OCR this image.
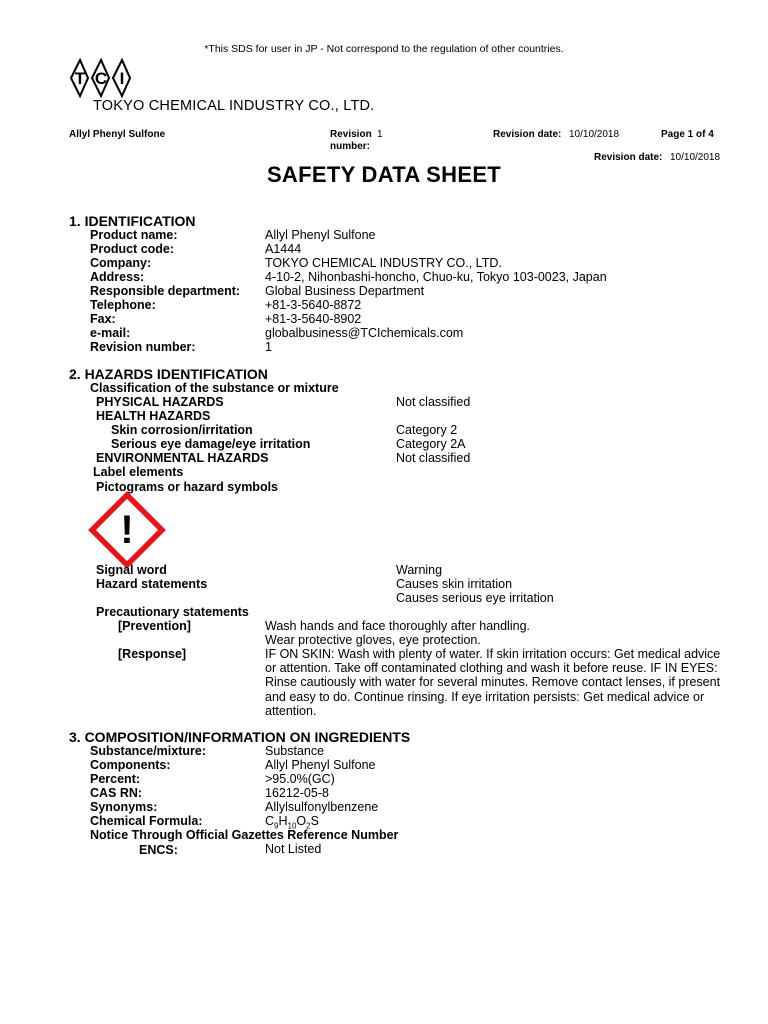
*This SDS for user in JP - Not correspond to the regulation of other countries.
T C I
TOKYO CHEMICAL INDUSTRY CO., LTD.
Allyl Phenyl Sulfone	Revision 1
number:
Revision date: 10/10/2018	Page 1 of 4
Revision date: 10/10/2018
SAFETY DATA SHEET
1. IDENTIFICATION
Product name:	Allyl Phenyl Sulfone
Product code:	A1444
Company:	TOKYO CHEMICAL INDUSTRY CO., LTD.
Address:	4-10-2, Nihonbashi-honcho, Chuo-ku, Tokyo 103-0023, Japan
Responsible department: Global Business Department
Telephone:	+81-3-5640-8872
Fax:	+81-3-5640-8902
e-mail:	globalbusiness@TCIchemicals.com
Revision number:	1
2. HAZARDS IDENTIFICATION
Classification of the substance or mixture
PHYSICAL HAZARDS	Not classified
HEALTH HAZARDS
Skin corrosion/irritation	Category 2
Serious eye damage/eye irritation	Category 2A
ENVIRONMENTAL HAZARDS	Not classified
Label elements
Pictograms or hazard symbols
!
Signal word	Warning
Hazard statements	Causes skin irritation
Causes serious eye irritation
Precautionary statements
[Prevention]	Wash hands and face thoroughly after handling.
Wear protective gloves, eye protection.
[Response]	IF ON SKIN: Wash with plenty of water. If skin irritation occurs: Get medical advice or attention. Take off contaminated clothing and wash it before reuse. IF IN EYES: Rinse cautiously with water for several minutes. Remove contact lenses, if present and easy to do. Continue rinsing. If eye irritation persists: Get medical advice or attention.
3. COMPOSITION/INFORMATION ON INGREDIENTS
Substance/mixture:	Substance
Components:	Allyl Phenyl Sulfone
Percent:	>95.0%(GC)
CAS RN:	16212-05-8
Synonyms:	Allylsulfonylbenzene
Chemical Formula:	$C_9H_{10}O_2S$
Notice Through Official Gazettes Reference Number
ENCS:	Not Listed
